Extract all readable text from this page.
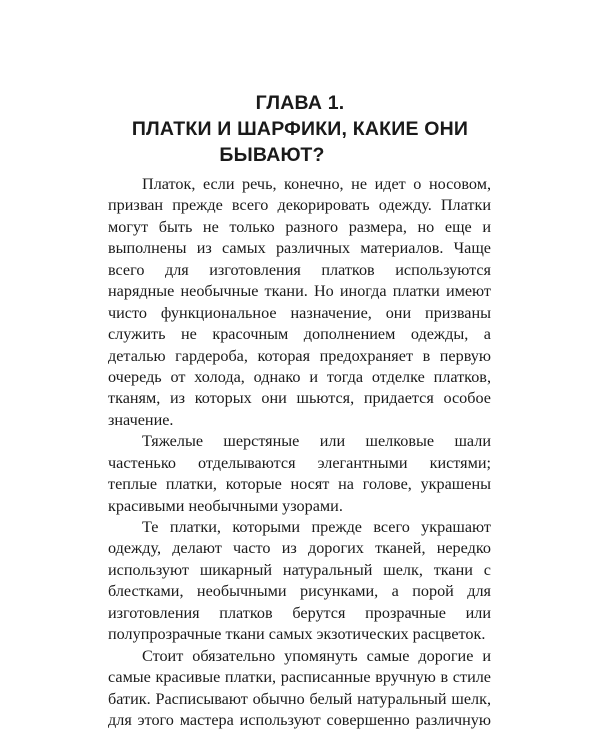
ГЛАВА 1.
ПЛАТКИ И ШАРФИКИ, КАКИЕ ОНИ
БЫВАЮТ?
Платок, если речь, конечно, не идет о носовом,
призван прежде всего декорировать одежду. Платки
могут быть не только разного размера, но еще и
выполнены из самых различных материалов. Чаще
всего для изготовления платков используются
нарядные необычные ткани. Но иногда платки имеют
чисто функциональное назначение, они призваны
служить не красочным дополнением одежды, а
деталью гардероба, которая предохраняет в первую
очередь от холода, однако и тогда отделке платков,
тканям, из которых они шьются, придается особое
значение.
Тяжелые шерстяные или шелковые шали
частенько отделываются элегантными кистями;
теплые платки, которые носят на голове, украшены
красивыми необычными узорами.
Те платки, которыми прежде всего украшают
одежду, делают часто из дорогих тканей, нередко
используют шикарный натуральный шелк, ткани с
блестками, необычными рисунками, а порой для
изготовления платков берутся прозрачные или
полупрозрачные ткани самых экзотических расцветок.
Стоит обязательно упомянуть самые дорогие и
самые красивые платки, расписанные вручную в стиле
батик. Расписывают обычно белый натуральный шелк,
для этого мастера используют совершенно различную
